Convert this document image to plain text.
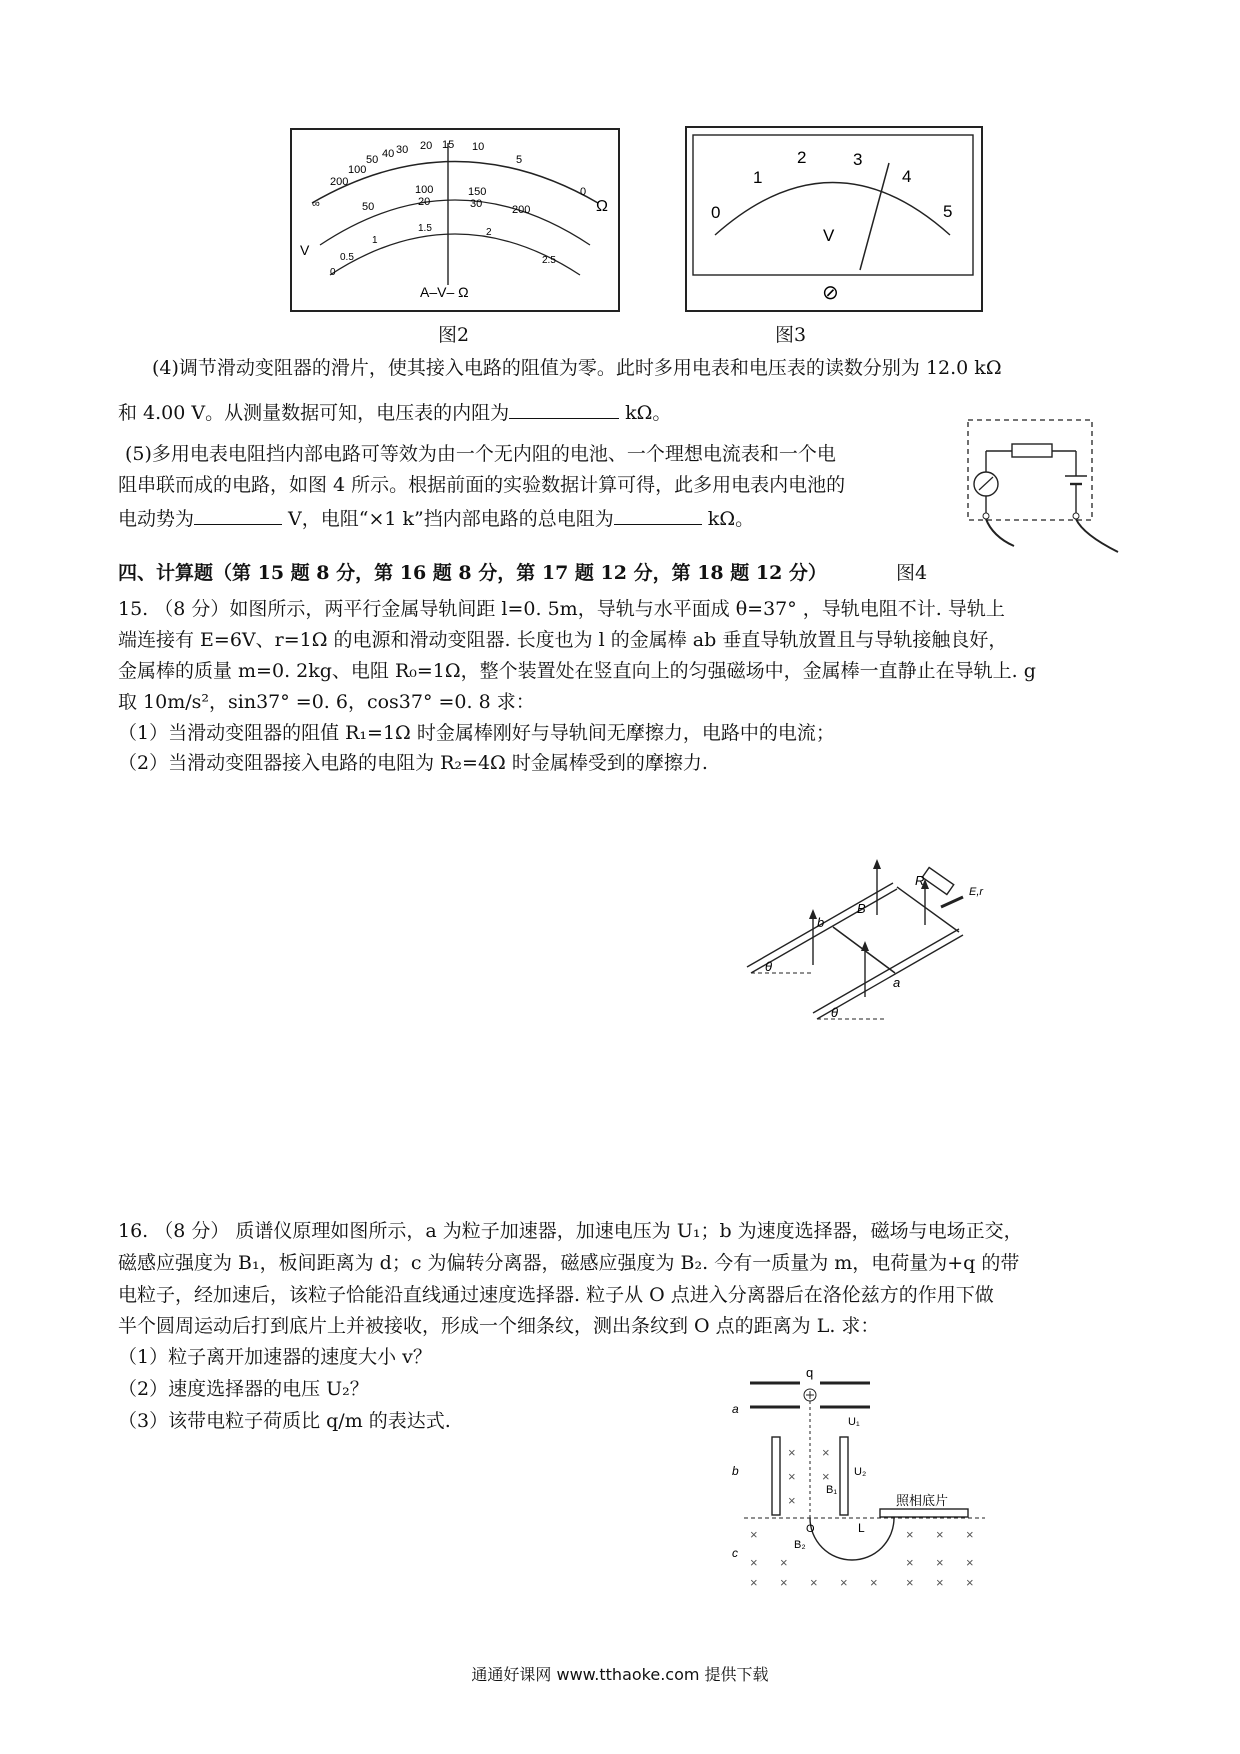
∞
200
100
50 40 30 20 15 10
5
0
50
100	150
200
20	30
0
0.5
1
1.5	2
2.5
Ω
V
A–V– Ω
图2
0
1
2	3
4
5
V
⊘
图3
(4)调节滑动变阻器的滑片，使其接入电路的阻值为零。此时多用电表和电压表的读数分别为 12.0 kΩ
和 4.00 V。从测量数据可知，电压表的内阻为	kΩ。
(5)多用电表电阻挡内部电路可等效为由一个无内阻的电池、一个理想电流表和一个电
阻串联而成的电路，如图 4 所示。根据前面的实验数据计算可得，此多用电表内电池的
电动势为	V，电阻“×1 k”挡内部电路的总电阻为	kΩ。
四、计算题（第 15 题 8 分，第 16 题 8 分，第 17 题 12 分，第 18 题 12 分）	图4
15. （8 分）如图所示，两平行金属导轨间距 l=0. 5m，导轨与水平面成 θ=37° ，导轨电阻不计. 导轨上
端连接有 E=6V、r=1Ω 的电源和滑动变阻器. 长度也为 l 的金属棒 ab 垂直导轨放置且与导轨接触良好，
金属棒的质量 m=0. 2kg、电阻 R₀=1Ω，整个装置处在竖直向上的匀强磁场中，金属棒一直静止在导轨上. g
取 10m/s²，sin37° =0. 6，cos37° =0. 8 求：
（1）当滑动变阻器的阻值 R₁=1Ω 时金属棒刚好与导轨间无摩擦力，电路中的电流；
（2）当滑动变阻器接入电路的电阻为 R₂=4Ω 时金属棒受到的摩擦力.
θ
θ
b
a
B
R
E,r
16. （8 分） 质谱仪原理如图所示，a 为粒子加速器，加速电压为 U₁；b 为速度选择器，磁场与电场正交，
磁感应强度为 B₁，板间距离为 d；c 为偏转分离器，磁感应强度为 B₂. 今有一质量为 m，电荷量为+q 的带
电粒子，经加速后，该粒子恰能沿直线通过速度选择器. 粒子从 O 点进入分离器后在洛伦兹方的作用下做
半个圆周运动后打到底片上并被接收，形成一个细条纹，测出条纹到 O 点的距离为 L. 求：
（1）粒子离开加速器的速度大小 v？
（2）速度选择器的电压 U₂？
（3）该带电粒子荷质比 q/m 的表达式.
q
a
U₁
b	U₂
B₁
× ×
× ×
×	照相底片
O	L
B₂
c
×	× × ×
× ×	× × ×
× × × × × × × ×
通通好课网 www.tthaoke.com 提供下载
